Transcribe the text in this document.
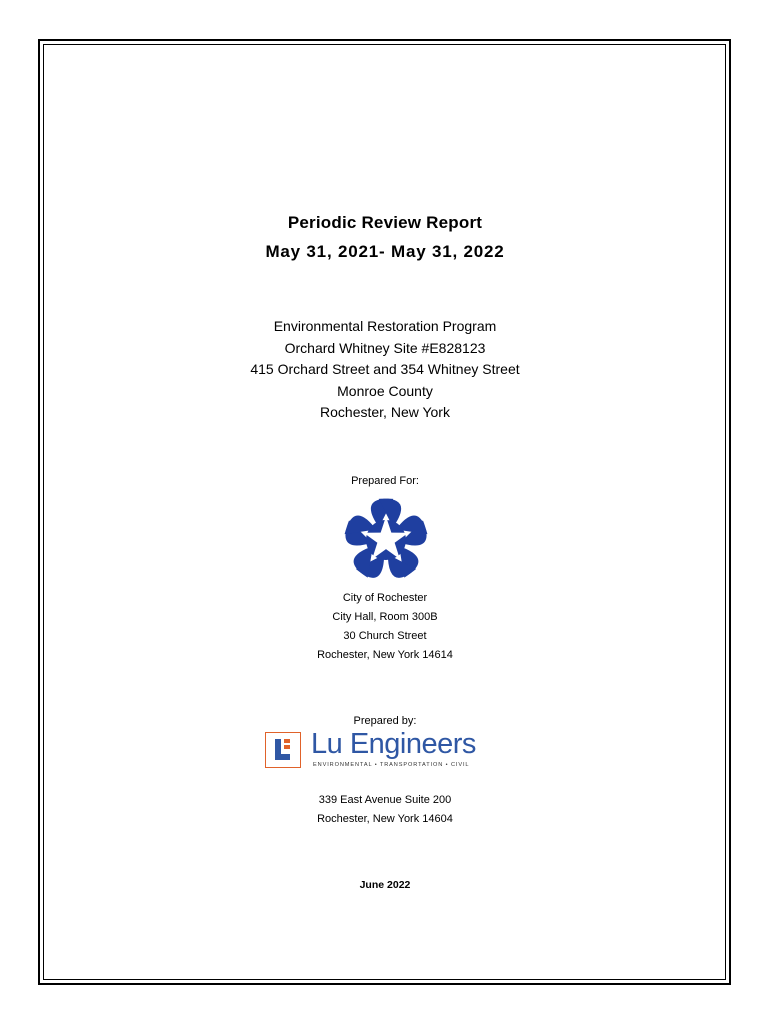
Periodic Review Report
May 31, 2021- May 31, 2022
Environmental Restoration Program
Orchard Whitney Site #E828123
415 Orchard Street and 354 Whitney Street
Monroe County
Rochester, New York
Prepared For:
City of Rochester
City Hall, Room 300B
30 Church Street
Rochester, New York 14614
Prepared by:
Lu Engineers
ENVIRONMENTAL • TRANSPORTATION • CIVIL
339 East Avenue Suite 200
Rochester, New York 14604
June 2022
